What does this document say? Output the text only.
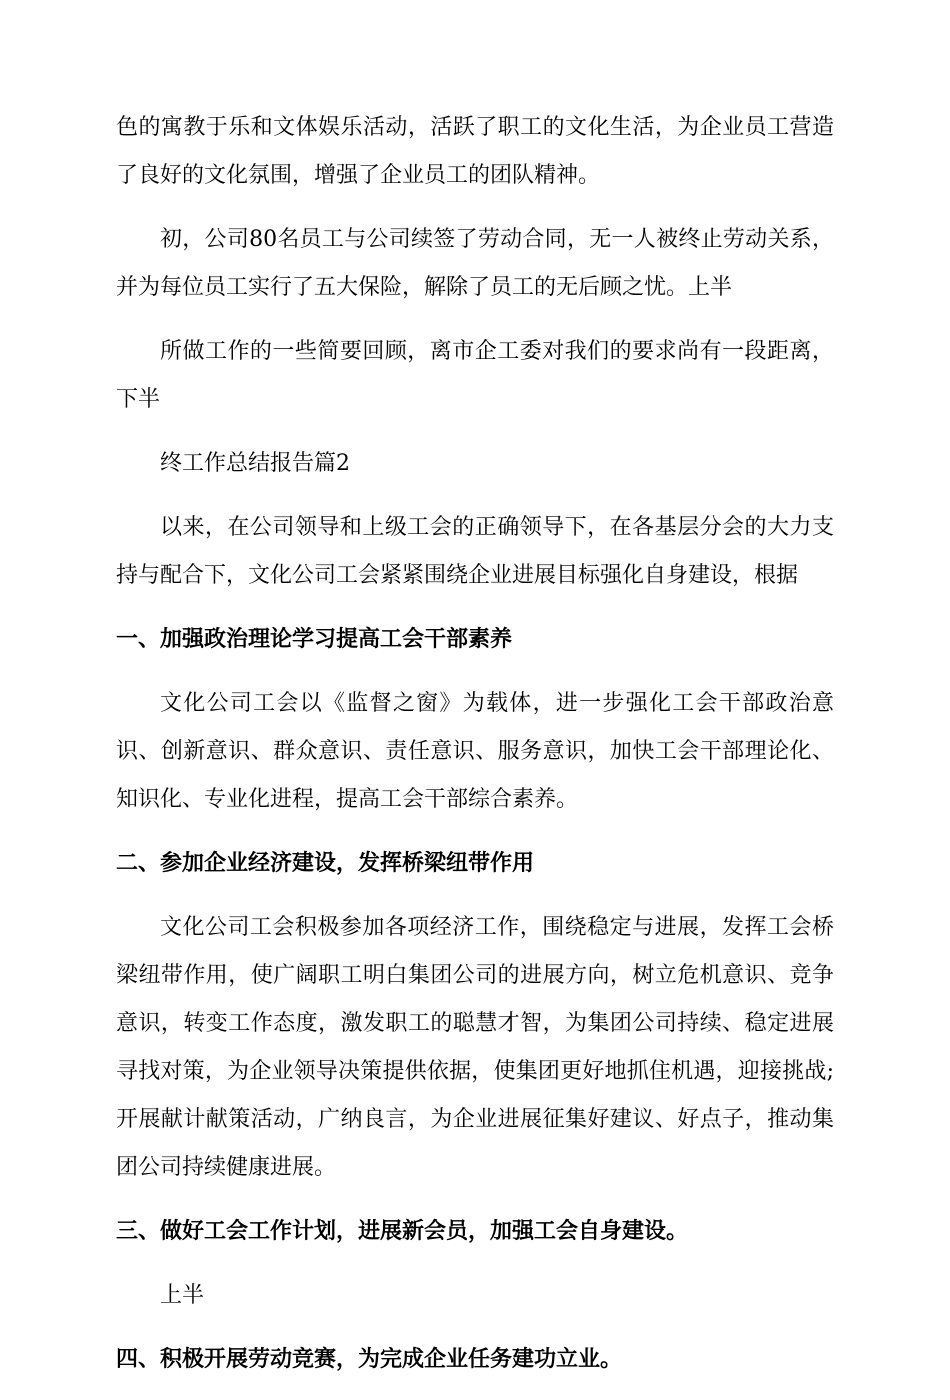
色的寓教于乐和文体娱乐活动，活跃了职工的文化生活，为企业员工营造了良好的文化氛围，增强了企业员工的团队精神。

初，公司80名员工与公司续签了劳动合同，无一人被终止劳动关系，并为每位员工实行了五大保险，解除了员工的无后顾之忧。上半

所做工作的一些简要回顾，离市企工委对我们的要求尚有一段距离，下半

终工作总结报告篇2

以来，在公司领导和上级工会的正确领导下，在各基层分会的大力支持与配合下，文化公司工会紧紧围绕企业进展目标强化自身建设，根据

一、加强政治理论学习提高工会干部素养

文化公司工会以《监督之窗》为载体，进一步强化工会干部政治意识、创新意识、群众意识、责任意识、服务意识，加快工会干部理论化、知识化、专业化进程，提高工会干部综合素养。

二、参加企业经济建设，发挥桥梁纽带作用

文化公司工会积极参加各项经济工作，围绕稳定与进展，发挥工会桥梁纽带作用，使广阔职工明白集团公司的进展方向，树立危机意识、竞争意识，转变工作态度，激发职工的聪慧才智，为集团公司持续、稳定进展寻找对策，为企业领导决策提供依据，使集团更好地抓住机遇，迎接挑战;开展献计献策活动，广纳良言，为企业进展征集好建议、好点子，推动集团公司持续健康进展。

三、做好工会工作计划，进展新会员，加强工会自身建设。

上半

四、积极开展劳动竞赛，为完成企业任务建功立业。
